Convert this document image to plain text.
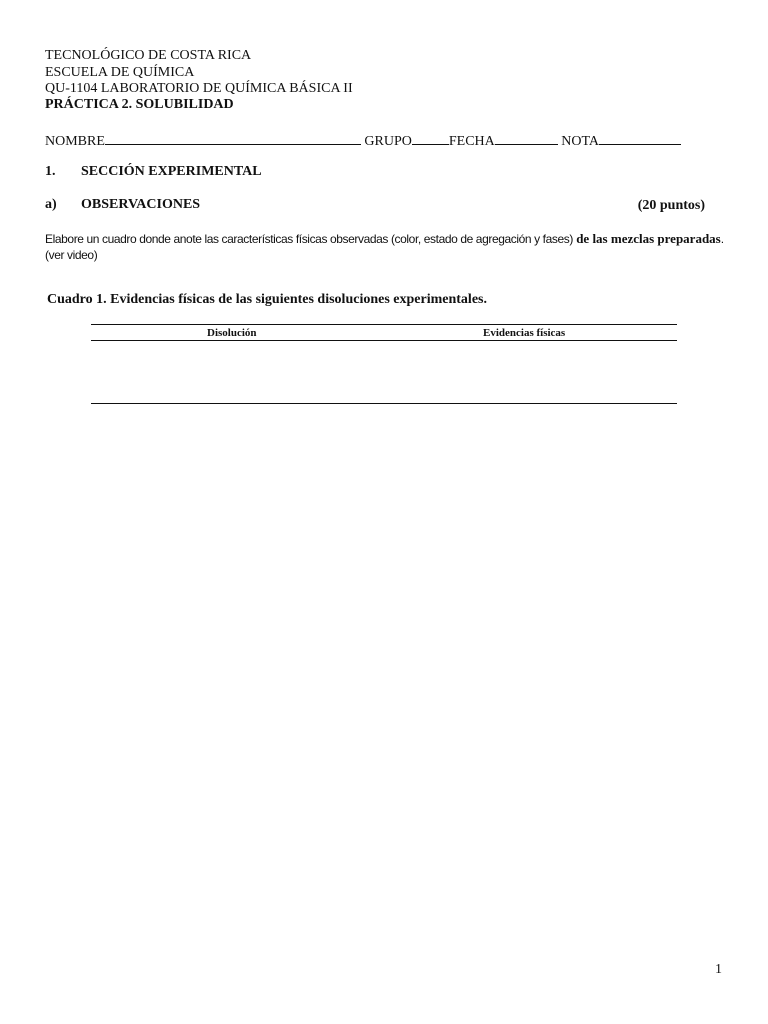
TECNOLÓGICO DE COSTA RICA
ESCUELA DE QUÍMICA
QU-1104 LABORATORIO DE QUÍMICA BÁSICA II
PRÁCTICA 2. SOLUBILIDAD
NOMBRE	GRUPO	FECHA	NOTA
1. SECCIÓN EXPERIMENTAL
a) OBSERVACIONES	(20 puntos)
Elabore un cuadro donde anote las características físicas observadas (color, estado de agregación y fases) de las mezclas preparadas. (ver video)
Cuadro 1. Evidencias físicas de las siguientes disoluciones experimentales.
Disolución	Evidencias físicas
1
